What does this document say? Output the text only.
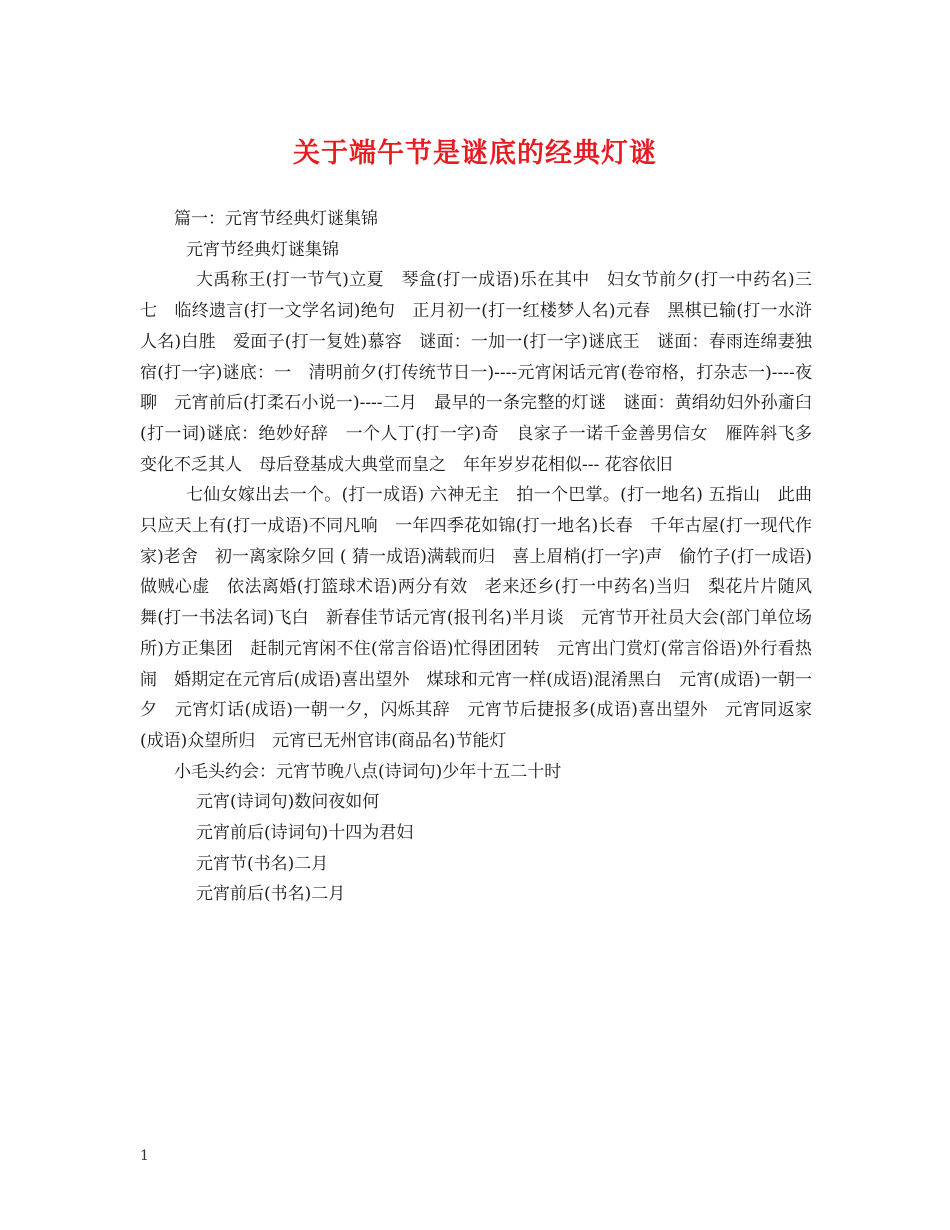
关于端午节是谜底的经典灯谜

篇一：元宵节经典灯谜集锦

元宵节经典灯谜集锦

大禹称王(打一节气)立夏　琴盒(打一成语)乐在其中　妇女节前夕(打一中药名)三七　临终遗言(打一文学名词)绝句　正月初一(打一红楼梦人名)元春　黑棋已输(打一水浒人名)白胜　爱面子(打一复姓)慕容　谜面：一加一(打一字)谜底王　谜面：春雨连绵妻独宿(打一字)谜底：一　清明前夕(打传统节日一)----元宵闲话元宵(卷帘格，打杂志一)----夜聊　元宵前后(打柔石小说一)----二月　最早的一条完整的灯谜　谜面：黄绢幼妇外孙齑臼(打一词)谜底：绝妙好辞　一个人丁(打一字)奇　良家子一诺千金善男信女　雁阵斜飞多变化不乏其人　母后登基成大典堂而皇之　年年岁岁花相似--- 花容依旧

七仙女嫁出去一个。(打一成语) 六神无主　拍一个巴掌。(打一地名) 五指山　此曲只应天上有(打一成语)不同凡响　一年四季花如锦(打一地名)长春　千年古屋(打一现代作家)老舍　初一离家除夕回 ( 猜一成语)满载而归　喜上眉梢(打一字)声　偷竹子(打一成语)做贼心虚　依法离婚(打篮球术语)两分有效　老来还乡(打一中药名)当归　梨花片片随风舞(打一书法名词)飞白　新春佳节话元宵(报刊名)半月谈　元宵节开社员大会(部门单位场所)方正集团　赶制元宵闲不住(常言俗语)忙得团团转　元宵出门赏灯(常言俗语)外行看热闹　婚期定在元宵后(成语)喜出望外　煤球和元宵一样(成语)混淆黑白　元宵(成语)一朝一夕　元宵灯话(成语)一朝一夕，闪烁其辞　元宵节后捷报多(成语)喜出望外　元宵同返家(成语)众望所归　元宵已无州官讳(商品名)节能灯

小毛头约会：元宵节晚八点(诗词句)少年十五二十时

元宵(诗词句)数问夜如何

元宵前后(诗词句)十四为君妇

元宵节(书名)二月

元宵前后(书名)二月

1
